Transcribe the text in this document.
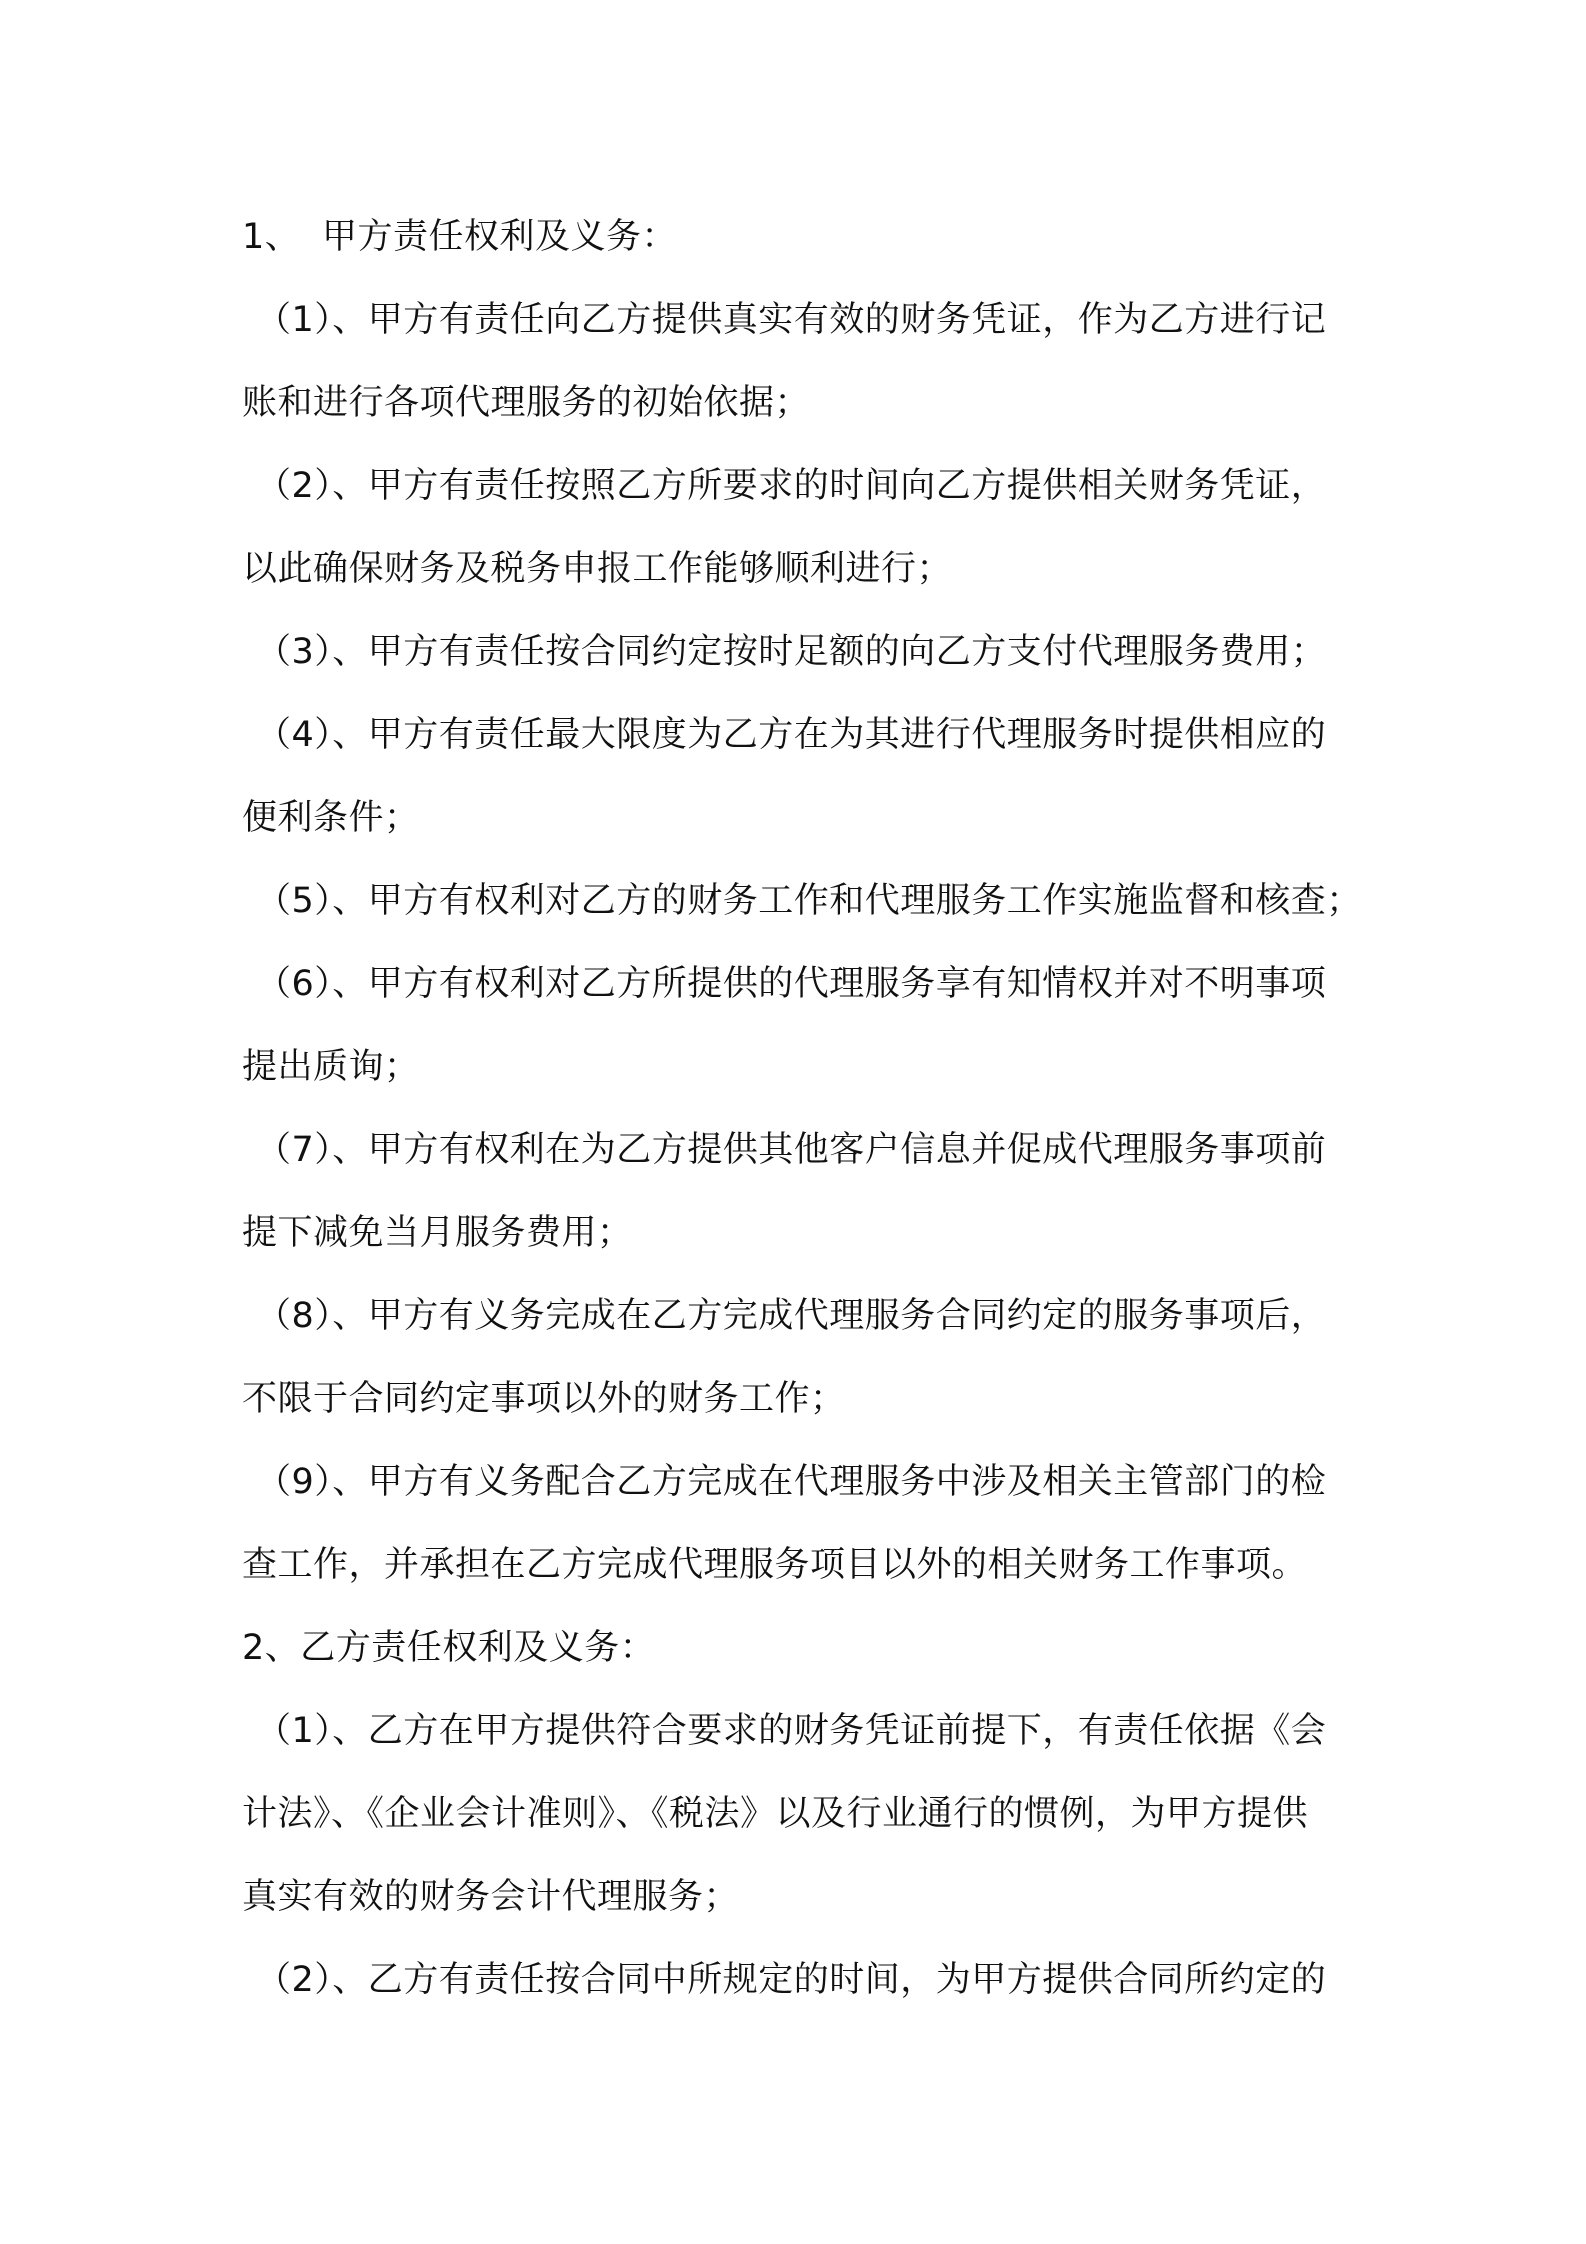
1、 甲方责任权利及义务：
（1）、甲方有责任向乙方提供真实有效的财务凭证，作为乙方进行记
账和进行各项代理服务的初始依据；
（2）、甲方有责任按照乙方所要求的时间向乙方提供相关财务凭证，
以此确保财务及税务申报工作能够顺利进行；
（3）、甲方有责任按合同约定按时足额的向乙方支付代理服务费用；
（4）、甲方有责任最大限度为乙方在为其进行代理服务时提供相应的
便利条件；
（5）、甲方有权利对乙方的财务工作和代理服务工作实施监督和核查；
（6）、甲方有权利对乙方所提供的代理服务享有知情权并对不明事项
提出质询；
（7）、甲方有权利在为乙方提供其他客户信息并促成代理服务事项前
提下减免当月服务费用；
（8）、甲方有义务完成在乙方完成代理服务合同约定的服务事项后，
不限于合同约定事项以外的财务工作；
（9）、甲方有义务配合乙方完成在代理服务中涉及相关主管部门的检
查工作，并承担在乙方完成代理服务项目以外的相关财务工作事项。
2、乙方责任权利及义务：
（1）、乙方在甲方提供符合要求的财务凭证前提下，有责任依据《会
计法》、《企业会计准则》、《税法》以及行业通行的惯例，为甲方提供
真实有效的财务会计代理服务；
（2）、乙方有责任按合同中所规定的时间，为甲方提供合同所约定的
